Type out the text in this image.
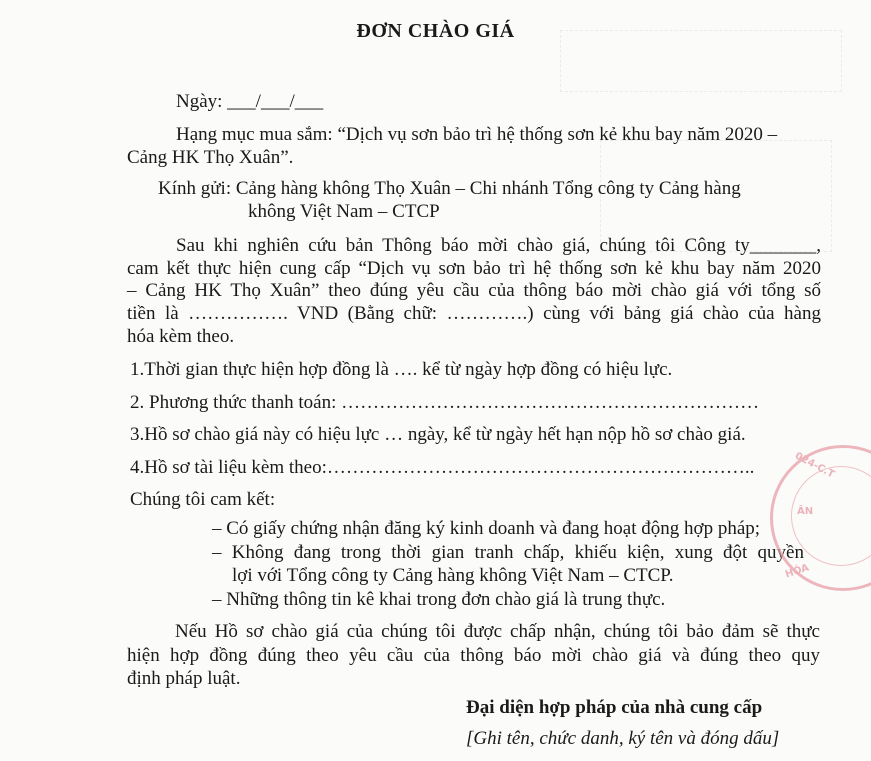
ĐƠN CHÀO GIÁ
Ngày: ___/___/___
Hạng mục mua sắm: “Dịch vụ sơn bảo trì hệ thống sơn kẻ khu bay năm 2020 –
Cảng HK Thọ Xuân”.
Kính gửi: Cảng hàng không Thọ Xuân – Chi nhánh Tổng công ty Cảng hàng
không Việt Nam – CTCP
Sau khi nghiên cứu bản Thông báo mời chào giá, chúng tôi Công ty_______,
cam kết thực hiện cung cấp “Dịch vụ sơn bảo trì hệ thống sơn kẻ khu bay năm 2020
– Cảng HK Thọ Xuân” theo đúng yêu cầu của thông báo mời chào giá với tổng số
tiền là ……………. VND (Bằng chữ: ………….) cùng với bảng giá chào của hàng
hóa kèm theo.
1.Thời gian thực hiện hợp đồng là …. kể từ ngày hợp đồng có hiệu lực.
2. Phương thức thanh toán: …………………………………………………………
3.Hồ sơ chào giá này có hiệu lực … ngày, kể từ ngày hết hạn nộp hồ sơ chào giá.
4.Hồ sơ tài liệu kèm theo:…………………………………………………………..
Chúng tôi cam kết:
– Có giấy chứng nhận đăng ký kinh doanh và đang hoạt động hợp pháp;
– Không đang trong thời gian tranh chấp, khiếu kiện, xung đột quyền
lợi với Tổng công ty Cảng hàng không Việt Nam – CTCP.
– Những thông tin kê khai trong đơn chào giá là trung thực.
Nếu Hồ sơ chào giá của chúng tôi được chấp nhận, chúng tôi bảo đảm sẽ thực
hiện hợp đồng đúng theo yêu cầu của thông báo mời chào giá và đúng theo quy
định pháp luật.
Đại diện hợp pháp của nhà cung cấp
[Ghi tên, chức danh, ký tên và đóng dấu]
024-C.T
ÂN
HÓA
